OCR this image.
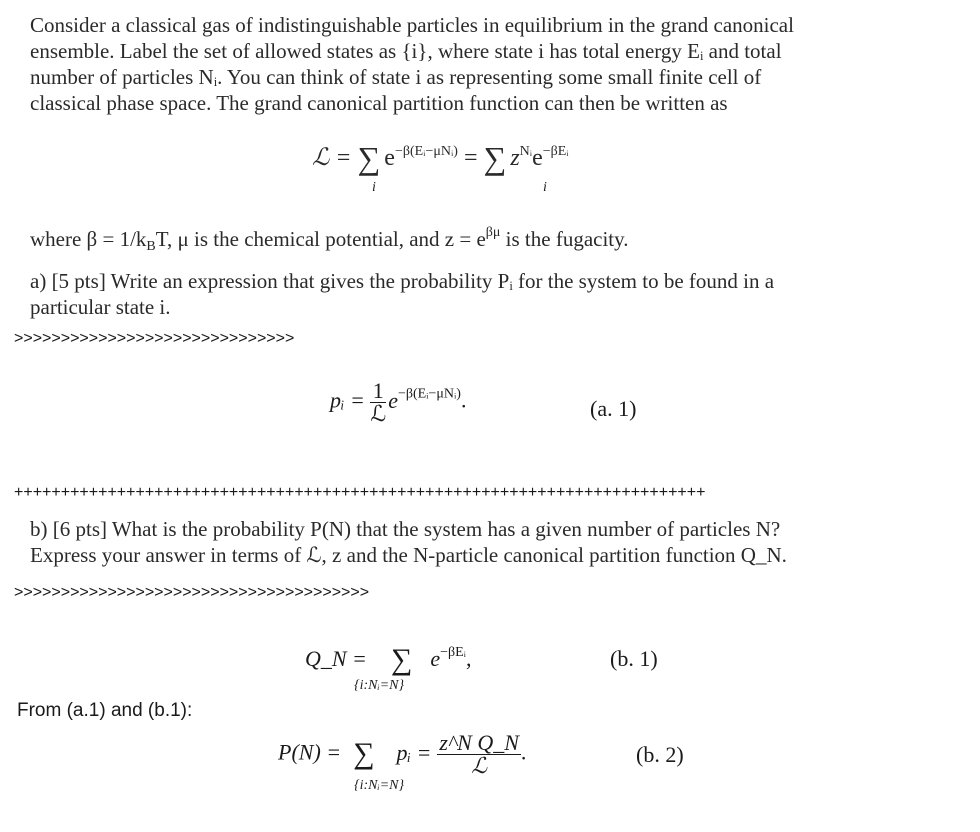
Consider a classical gas of indistinguishable particles in equilibrium in the grand canonical
ensemble. Label the set of allowed states as {i}, where state i has total energy Eᵢ and total
number of particles Nᵢ. You can think of state i as representing some small finite cell of
classical phase space. The grand canonical partition function can then be written as
ℒ = ∑ $e^{-\beta(Eᵢ-\mu Nᵢ)}$ = ∑ $z^{Nᵢ}e^{-\beta Eᵢ}$
i	i
where β = 1/kBT, μ is the chemical potential, and $z = e^{\beta\mu}$ is the fugacity.
a) [5 pts] Write an expression that gives the probability Pᵢ for the system to be found in a
particular state i.
>>>>>>>>>>>>>>>>>>>>>>>>>>>>>>
pᵢ = $\frac{1}{\text{ℒ}} e^{-\beta(Eᵢ-\mu Nᵢ)}$.	(a. 1)
++++++++++++++++++++++++++++++++++++++++++++++++++++++++++++++++++++++++++
b) [6 pts] What is the probability P(N) that the system has a given number of particles N?
Express your answer in terms of ℒ, z and the N-particle canonical partition function Q_N.
>>>>>>>>>>>>>>>>>>>>>>>>>>>>>>>>>>>>>>
Q_N = ∑ $e^{-\beta Eᵢ}$,
{i:Nᵢ=N}
(b. 1)
From (a.1) and (b.1):
P(N) = ∑ pᵢ = $\frac{\text{z\textasciicircum{}N Q\_N}}{\text{ℒ}}$ .
{i:Nᵢ=N}
(b. 2)
